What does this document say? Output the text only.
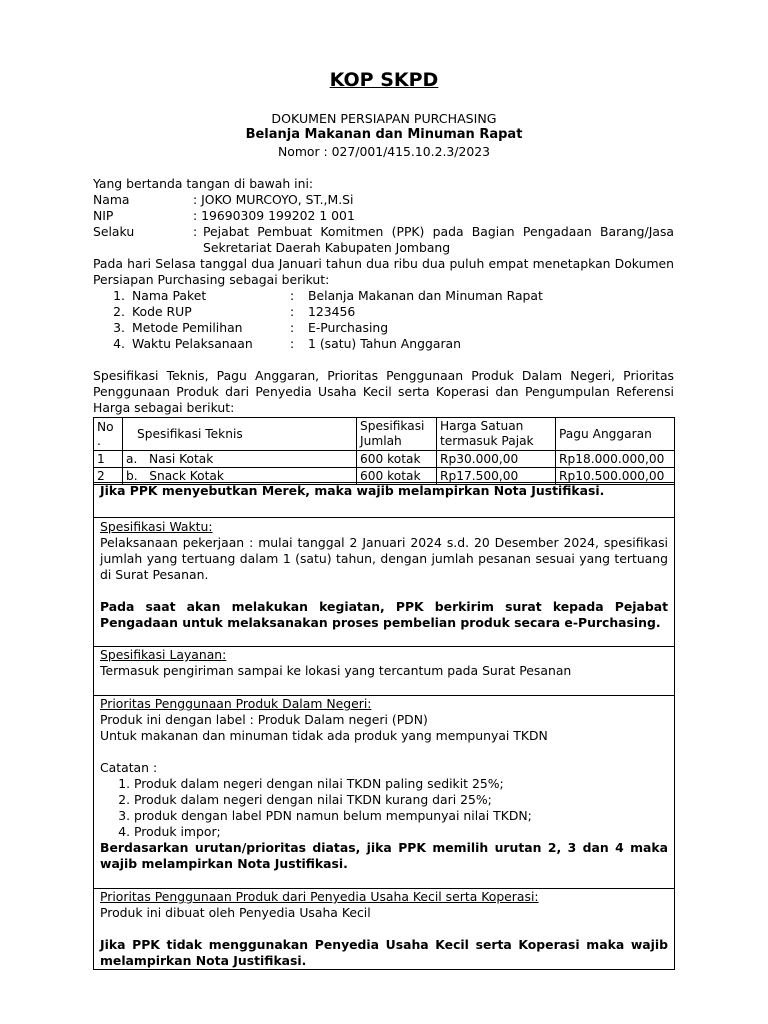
KOP SKPD
DOKUMEN PERSIAPAN PURCHASING
Belanja Makanan dan Minuman Rapat
Nomor : 027/001/415.10.2.3/2023
Yang bertanda tangan di bawah ini:
Nama	: JOKO MURCOYO, ST.,M.Si
NIP	: 19690309 199202 1 001
Selaku	: Pejabat Pembuat Komitmen (PPK) pada Bagian Pengadaan Barang/Jasa Sekretariat Daerah Kabupaten Jombang
Pada hari Selasa tanggal dua Januari tahun dua ribu dua puluh empat menetapkan Dokumen Persiapan Purchasing sebagai berikut:
1. Nama Paket	:	Belanja Makanan dan Minuman Rapat
2. Kode RUP	:	123456
3. Metode Pemilihan	:	E-Purchasing
4. Waktu Pelaksanaan	:	1 (satu) Tahun Anggaran
Spesifikasi Teknis, Pagu Anggaran, Prioritas Penggunaan Produk Dalam Negeri, Prioritas Penggunaan Produk dari Penyedia Usaha Kecil serta Koperasi dan Pengumpulan Referensi Harga sebagai berikut:
No .	Spesifikasi Teknis	Spesifikasi Jumlah	Harga Satuan termasuk Pajak	Pagu Anggaran
1	a.   Nasi Kotak	600 kotak	Rp30.000,00	Rp18.000.000,00
2	b.   Snack Kotak	600 kotak	Rp17.500,00	Rp10.500.000,00
Jika PPK menyebutkan Merek, maka wajib melampirkan Nota Justifikasi.
Spesifikasi Waktu:
Pelaksanaan pekerjaan : mulai tanggal 2 Januari 2024 s.d. 20 Desember 2024, spesifikasi jumlah yang tertuang dalam 1 (satu) tahun, dengan jumlah pesanan sesuai yang tertuang di Surat Pesanan.
Pada saat akan melakukan kegiatan, PPK berkirim surat kepada Pejabat Pengadaan untuk melaksanakan proses pembelian produk secara e-Purchasing.
Spesifikasi Layanan:
Termasuk pengiriman sampai ke lokasi yang tercantum pada Surat Pesanan
Prioritas Penggunaan Produk Dalam Negeri:
Produk ini dengan label : Produk Dalam negeri (PDN)
Untuk makanan dan minuman tidak ada produk yang mempunyai TKDN
Catatan :
1. Produk dalam negeri dengan nilai TKDN paling sedikit 25%;
2. Produk dalam negeri dengan nilai TKDN kurang dari 25%;
3. produk dengan label PDN namun belum mempunyai nilai TKDN;
4. Produk impor;
Berdasarkan urutan/prioritas diatas, jika PPK memilih urutan 2, 3 dan 4 maka wajib melampirkan Nota Justifikasi.
Prioritas Penggunaan Produk dari Penyedia Usaha Kecil serta Koperasi:
Produk ini dibuat oleh Penyedia Usaha Kecil
Jika PPK tidak menggunakan Penyedia Usaha Kecil serta Koperasi maka wajib melampirkan Nota Justifikasi.
